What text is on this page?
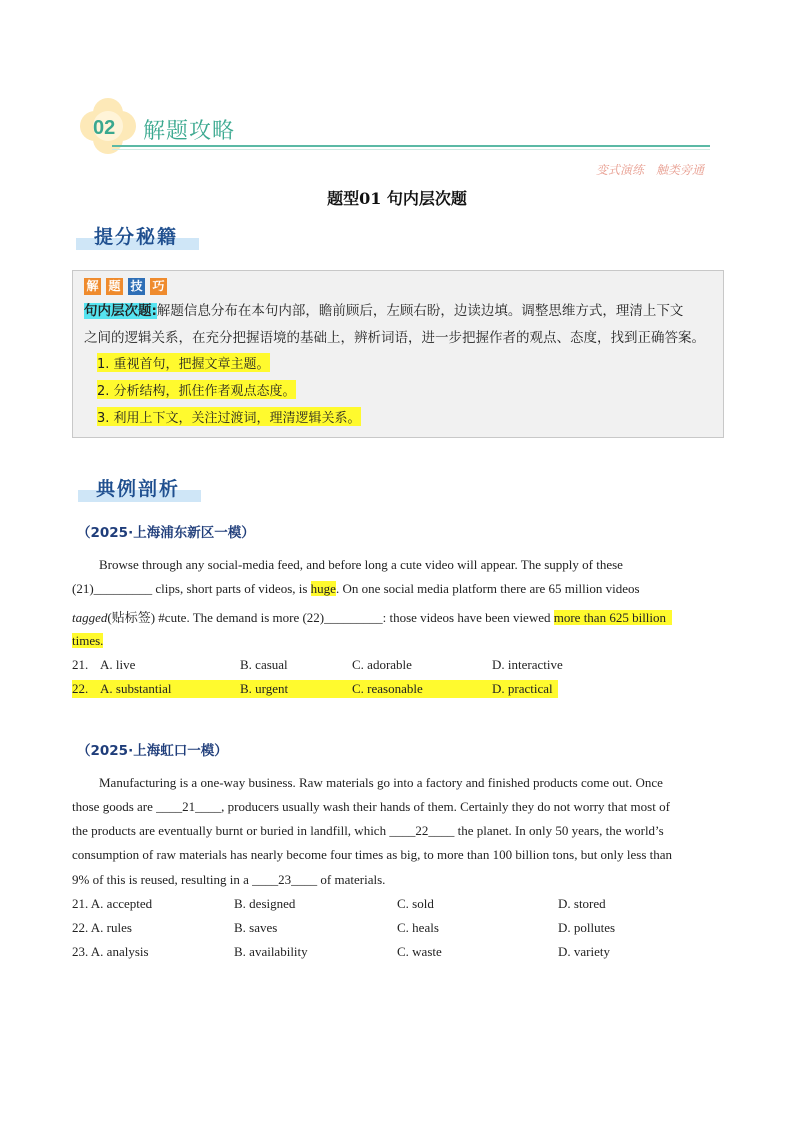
02 解题攻略
变式演练　触类旁通
题型01 句内层次题
提分秘籍
解 题 技 巧
句内层次题:解题信息分布在本句内部，瞻前顾后，左顾右盼，边读边填。调整思维方式，理清上下文
之间的逻辑关系，在充分把握语境的基础上，辨析词语，进一步把握作者的观点、态度，找到正确答案。
1. 重视首句，把握文章主题。
2. 分析结构，抓住作者观点态度。
3. 利用上下文，关注过渡词，理清逻辑关系。
典例剖析
（2025·上海浦东新区一模）
Browse through any social-media feed, and before long a cute video will appear. The supply of these
(21)_________ clips, short parts of videos, is huge. On one social media platform there are 65 million videos
tagged(贴标签) #cute. The demand is more (22)_________: those videos have been viewed more than 625 billion
times.
21. A. live	B. casual	C. adorable	D. interactive
22. A. substantial	B. urgent	C. reasonable	D. practical
（2025·上海虹口一模）
Manufacturing is a one-way business. Raw materials go into a factory and finished products come out. Once
those goods are ____21____, producers usually wash their hands of them. Certainly they do not worry that most of
the products are eventually burnt or buried in landfill, which ____22____ the planet. In only 50 years, the world’s
consumption of raw materials has nearly become four times as big, to more than 100 billion tons, but only less than
9% of this is reused, resulting in a ____23____ of materials.
21. A. accepted	B. designed	C. sold	D. stored
22. A. rules	B. saves	C. heals	D. pollutes
23. A. analysis	B. availability	C. waste	D. variety
